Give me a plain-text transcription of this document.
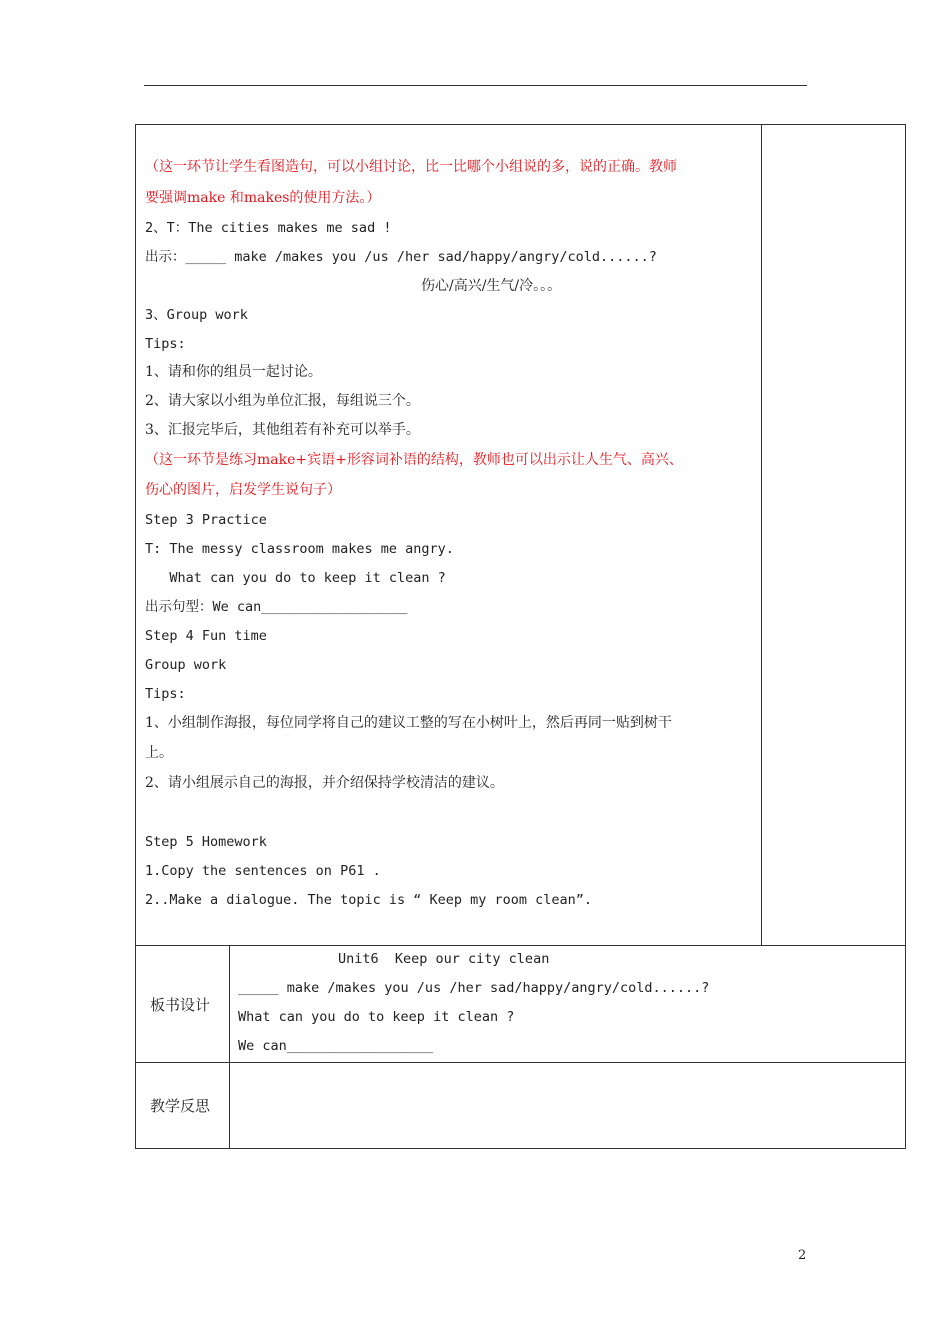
（这一环节让学生看图造句，可以小组讨论，比一比哪个小组说的多，说的正确。教师
要强调make 和makes的使用方法。）
2、T：The cities makes me sad !
出示：_____ make /makes you /us /her sad/happy/angry/cold......?
伤心/高兴/生气/冷。。。
3、Group work
Tips:
1、请和你的组员一起讨论。
2、请大家以小组为单位汇报，每组说三个。
3、汇报完毕后，其他组若有补充可以举手。
（这一环节是练习make+宾语+形容词补语的结构，教师也可以出示让人生气、高兴、
伤心的图片，启发学生说句子）
Step 3 Practice
T: The messy classroom makes me angry.
What can you do to keep it clean ?
出示句型：We can__________________
Step 4 Fun time
Group work
Tips:
1、小组制作海报，每位同学将自己的建议工整的写在小树叶上，然后再同一贴到树干
上。
2、请小组展示自己的海报，并介绍保持学校清洁的建议。
Step 5 Homework
1.Copy the sentences on P61 .
2..Make a dialogue. The topic is “ Keep my room clean”.
板书设计
Unit6  Keep our city clean
_____ make /makes you /us /her sad/happy/angry/cold......?
What can you do to keep it clean ?
We can__________________
教学反思
2
